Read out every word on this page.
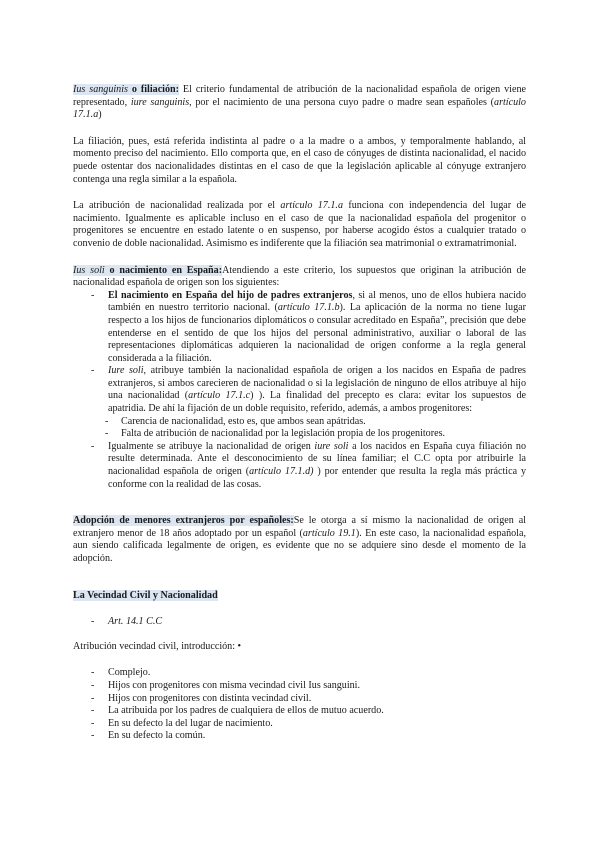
Ius sanguinis o filiación: El criterio fundamental de atribución de la nacionalidad española de origen viene representado, iure sanguinis, por el nacimiento de una persona cuyo padre o madre sean españoles (artículo 17.1.a)

La filiación, pues, está referida indistinta al padre o a la madre o a ambos, y temporalmente hablando, al momento preciso del nacimiento. Ello comporta que, en el caso de cónyuges de distinta nacionalidad, el nacido puede ostentar dos nacionalidades distintas en el caso de que la legislación aplicable al cónyuge extranjero contenga una regla similar a la española.

La atribución de nacionalidad realizada por el artículo 17.1.a funciona con independencia del lugar de nacimiento. Igualmente es aplicable incluso en el caso de que la nacionalidad española del progenitor o progenitores se encuentre en estado latente o en suspenso, por haberse acogido éstos a cualquier tratado o convenio de doble nacionalidad. Asimismo es indiferente que la filiación sea matrimonial o extramatrimonial.

Ius soli o nacimiento en España:Atendiendo a este criterio, los supuestos que originan la atribución de nacionalidad española de origen son los siguientes:

- El nacimiento en España del hijo de padres extranjeros, si al menos, uno de ellos hubiera nacido también en nuestro territorio nacional. (artículo 17.1.b). La aplicación de la norma no tiene lugar respecto a los hijos de funcionarios diplomáticos o consular acreditado en España”, precisión que debe entenderse en el sentido de que los hijos del personal administrativo, auxiliar o laboral de las representaciones diplomáticas adquieren la nacionalidad de origen conforme a la regla general considerada a la filiación.
- Iure soli, atribuye también la nacionalidad española de origen a los nacidos en España de padres extranjeros, si ambos carecieren de nacionalidad o si la legislación de ninguno de ellos atribuye al hijo una nacionalidad (artículo 17.1.c) ). La finalidad del precepto es clara: evitar los supuestos de apatridia. De ahí la fijación de un doble requisito, referido, además, a ambos progenitores:
- Carencia de nacionalidad, esto es, que ambos sean apátridas.
- Falta de atribución de nacionalidad por la legislación propia de los progenitores.
- Igualmente se atribuye la nacionalidad de origen iure soli a los nacidos en España cuya filiación no resulte determinada. Ante el desconocimiento de su línea familiar; el C.C opta por atribuirle la nacionalidad española de origen (artículo 17.1.d) ) por entender que resulta la regla más práctica y conforme con la realidad de las cosas.

Adopción de menores extranjeros por españoles:Se le otorga a sí mismo la nacionalidad de origen al extranjero menor de 18 años adoptado por un español (artículo 19.1). En este caso, la nacionalidad española, aun siendo calificada legalmente de origen, es evidente que no se adquiere sino desde el momento de la adopción.

La Vecindad Civil y Nacionalidad

- Art. 14.1 C.C

Atribución vecindad civil, introducción: •

- Complejo.
- Hijos con progenitores con misma vecindad civil Ius sanguini.
- Hijos con progenitores con distinta vecindad civil.
- La atribuida por los padres de cualquiera de ellos de mutuo acuerdo.
- En su defecto la del lugar de nacimiento.
- En su defecto la común.
